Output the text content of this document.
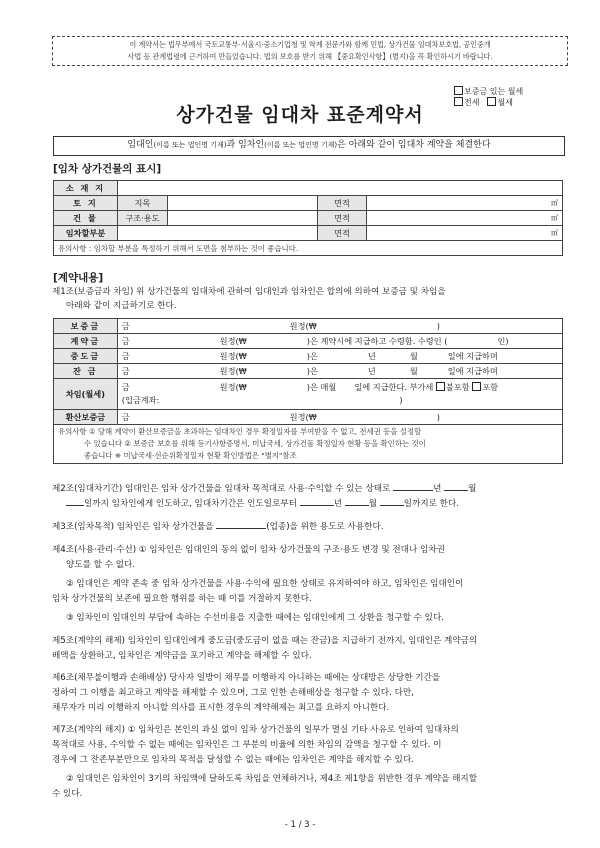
이 계약서는 법무부에서 국토교통부·서울시·중소기업청 및 학계 전문가와 함께 민법, 상가건물 임대차보호법, 공인중개
사법 등 관계법령에 근거하여 만들었습니다. 법의 보호를 받기 위해 【중요확인사항】(별지)을 꼭 확인하시기 바랍니다.
보증금 있는 월세
전세	월세
상가건물 임대차 표준계약서
임대인(이름 또는 법인명 기재)과 임차인(이름 또는 법인명 기재)은 아래와 같이 임대차 계약을 체결한다
[임차 상가건물의 표시]
소 재 지				
토 지	지목		면적	㎡

건 물	구조·용도		면적	㎡

임차할부분			면적	㎡

유의사항 : 임차할 부분을 특정하기 위해서 도면을 첨부하는 것이 좋습니다.				
[계약내용]
제1조(보증금과 차임) 위 상가건물의 임대차에 관하여 임대인과 임차인은 합의에 의하여 보증금 및 차임을
아래와 같이 지급하기로 한다.
보증금	금 원정(₩ )
계약금	금 원정(₩ )은 계약시에 지급하고 수령함. 수령인 ( 인)
중도금	금 원정(₩ )은 년 월 일에 지급하며
잔 금	금 원정(₩ )은 년 월 일에 지급하며
차임(월세)	금 원정(₩ )은 매월 일에 지급한다. 부가세 불포함 포함
(입금계좌: )

환산보증금	금 원정(₩ )

유의사항 ① 당해 계약이 환산보증금을 초과하는 임대차인 경우 확정일자를 부여받을 수 없고, 전세권 등을 설정할
수 있습니다 ② 보증금 보호를 위해 등기사항증명서, 미납국세, 상가건물 확정일자 현황 등을 확인하는 것이
좋습니다 ※ 미납국세·선순위확정일자 현황 확인방법은 "별지"참조	
제2조(임대차기간) 임대인은 임차 상가건물을 임대차 목적대로 사용·수익할 수 있는 상태로	년	월
일까지 임차인에게 인도하고, 임대차기간은 인도일로부터	년	월	일까지로 한다.
제3조(임차목적) 임차인은 임차 상가건물을	(업종)을 위한 용도로 사용한다.
제4조(사용·관리·수선) ① 임차인은 임대인의 동의 없이 임차 상가건물의 구조·용도 변경 및 전대나 임차권
양도를 할 수 없다.
② 임대인은 계약 존속 중 임차 상가건물을 사용·수익에 필요한 상태로 유지하여야 하고, 임차인은 임대인이
임차 상가건물의 보존에 필요한 행위를 하는 때 이를 거절하지 못한다.
③ 임차인이 임대인의 부담에 속하는 수선비용을 지출한 때에는 임대인에게 그 상환을 청구할 수 있다.
제5조(계약의 해제) 임차인이 임대인에게 중도금(중도금이 없을 때는 잔금)을 지급하기 전까지, 임대인은 계약금의
배액을 상환하고, 임차인은 계약금을 포기하고 계약을 해제할 수 있다.
제6조(채무불이행과 손해배상) 당사자 일방이 채무를 이행하지 아니하는 때에는 상대방은 상당한 기간을
정하여 그 이행을 최고하고 계약을 해제할 수 있으며, 그로 인한 손해배상을 청구할 수 있다. 다만,
채무자가 미리 이행하지 아니할 의사를 표시한 경우의 계약해제는 최고를 요하지 아니한다.
제7조(계약의 해지) ① 임차인은 본인의 과실 없이 임차 상가건물의 일부가 멸실 기타 사유로 인하여 임대차의
목적대로 사용, 수익할 수 없는 때에는 임차인은 그 부분의 비율에 의한 차임의 감액을 청구할 수 있다. 이
경우에 그 잔존부분만으로 임차의 목적을 달성할 수 없는 때에는 임차인은 계약을 해지할 수 있다.
② 임대인은 임차인이 3기의 차임액에 달하도록 차임을 연체하거나, 제4조 제1항을 위반한 경우 계약을 해지할
수 있다.
- 1 / 3 -
